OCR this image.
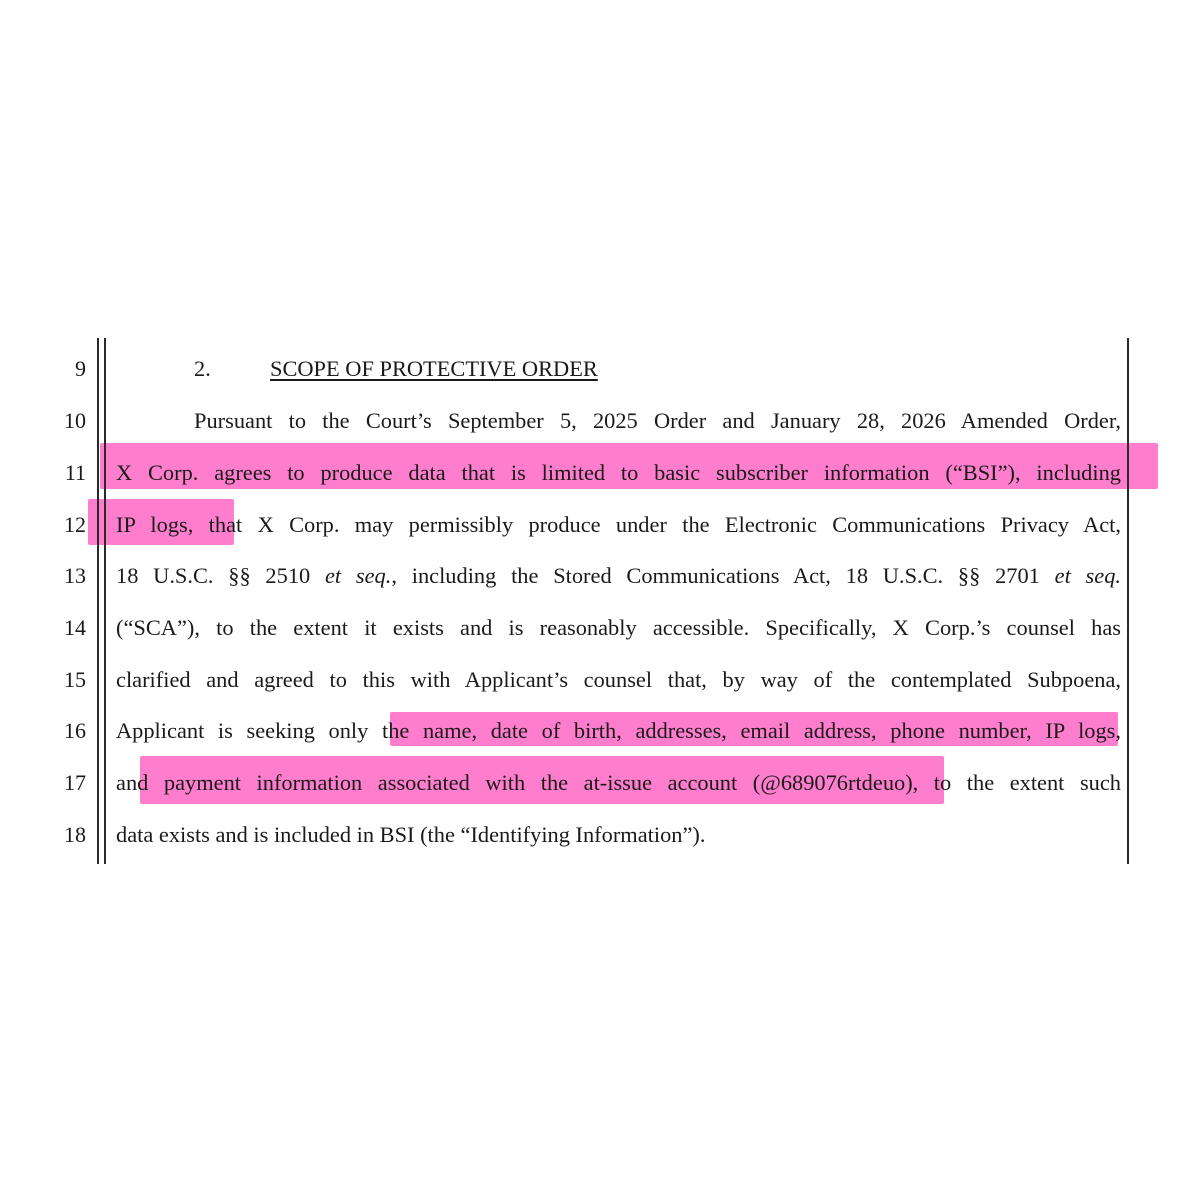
9	2.	SCOPE OF PROTECTIVE ORDER
10	Pursuant to the Court’s September 5, 2025 Order and January 28, 2026 Amended Order,
11 X Corp. agrees to produce data that is limited to basic subscriber information (“BSI”), including
12 IP logs, that X Corp. may permissibly produce under the Electronic Communications Privacy Act,
13 18 U.S.C. §§ 2510 et seq., including the Stored Communications Act, 18 U.S.C. §§ 2701 et seq.
14 (“SCA”), to the extent it exists and is reasonably accessible. Specifically, X Corp.’s counsel has
15 clarified and agreed to this with Applicant’s counsel that, by way of the contemplated Subpoena,
16 Applicant is seeking only the name, date of birth, addresses, email address, phone number, IP logs,
17 and payment information associated with the at-issue account (@689076rtdeuo), to the extent such
18 data exists and is included in BSI (the “Identifying Information”).
